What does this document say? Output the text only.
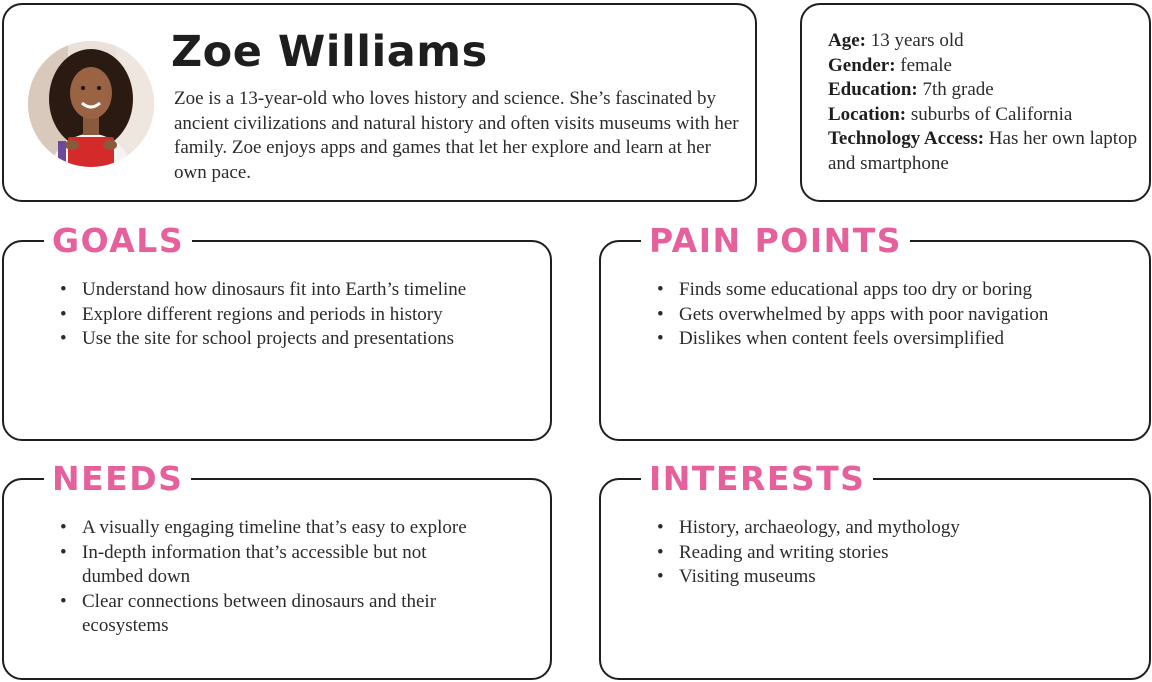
Zoe Williams
Zoe is a 13-year-old who loves history and science. She’s fascinated by ancient civilizations and natural history and often visits museums with her family. Zoe enjoys apps and games that let her explore and learn at her own pace.
Age: 13 years old
Gender: female
Education: 7th grade
Location: suburbs of California
Technology Access: Has her own laptop and smartphone
GOALS
• Understand how dinosaurs fit into Earth’s timeline
• Explore different regions and periods in history
• Use the site for school projects and presentations
PAIN POINTS
• Finds some educational apps too dry or boring
• Gets overwhelmed by apps with poor navigation
• Dislikes when content feels oversimplified
NEEDS
• A visually engaging timeline that’s easy to explore
• In-depth information that’s accessible but not dumbed down
• Clear connections between dinosaurs and their ecosystems
INTERESTS
• History, archaeology, and mythology
• Reading and writing stories
• Visiting museums
